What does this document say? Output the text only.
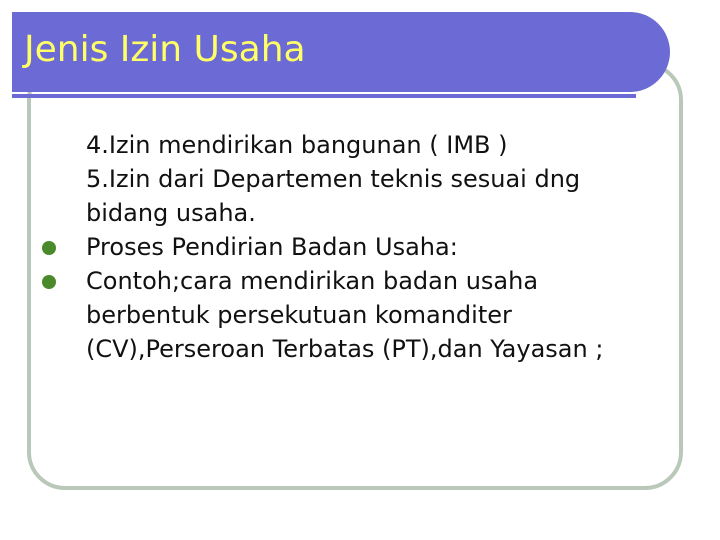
Jenis Izin Usaha

4.Izin mendirikan bangunan ( IMB )

5.Izin dari Departemen teknis sesuai dng bidang usaha.

Proses Pendirian Badan Usaha:

Contoh;cara mendirikan badan usaha berbentuk persekutuan komanditer (CV),Perseroan Terbatas (PT),dan Yayasan ;
